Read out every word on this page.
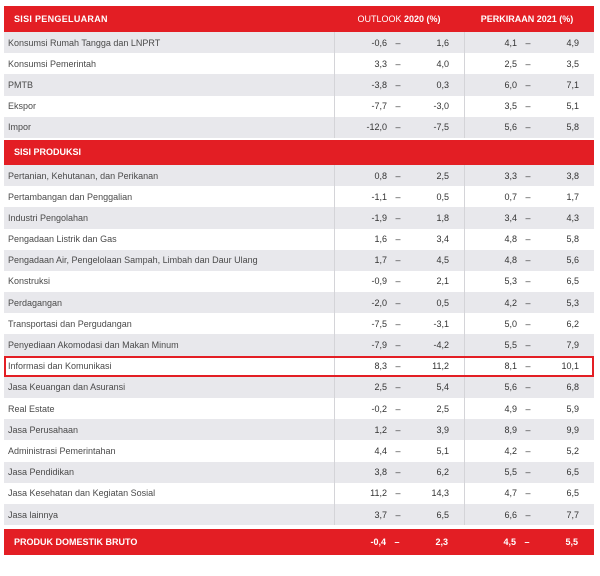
SISI PENGELUARAN	OUTLOOK 2020 (%)	PERKIRAAN 2021 (%)
Konsumsi Rumah Tangga dan LNPRT	-0,6 –	1,6	4,1 –	4,9
Konsumsi Pemerintah	3,3 –	4,0	2,5 –	3,5
PMTB	-3,8 –	0,3	6,0 –	7,1
Ekspor	-7,7 –	-3,0	3,5 –	5,1
Impor	-12,0 –	-7,5	5,6 –	5,8
SISI PRODUKSI
Pertanian, Kehutanan, dan Perikanan	0,8 –	2,5	3,3 –	3,8
Pertambangan dan Penggalian	-1,1 –	0,5	0,7 –	1,7
Industri Pengolahan	-1,9 –	1,8	3,4 –	4,3
Pengadaan Listrik dan Gas	1,6 –	3,4	4,8 –	5,8
Pengadaan Air, Pengelolaan Sampah, Limbah dan Daur Ulang	1,7 –	4,5	4,8 –	5,6
Konstruksi	-0,9 –	2,1	5,3 –	6,5
Perdagangan	-2,0 –	0,5	4,2 –	5,3
Transportasi dan Pergudangan	-7,5 –	-3,1	5,0 –	6,2
Penyediaan Akomodasi dan Makan Minum	-7,9 –	-4,2	5,5 –	7,9
Informasi dan Komunikasi	8,3 –	11,2	8,1 –	10,1
Jasa Keuangan dan Asuransi	2,5 –	5,4	5,6 –	6,8
Real Estate	-0,2 –	2,5	4,9 –	5,9
Jasa Perusahaan	1,2 –	3,9	8,9 –	9,9
Administrasi Pemerintahan	4,4 –	5,1	4,2 –	5,2
Jasa Pendidikan	3,8 –	6,2	5,5 –	6,5
Jasa Kesehatan dan Kegiatan Sosial	11,2 –	14,3	4,7 –	6,5
Jasa lainnya	3,7 –	6,5	6,6 –	7,7
PRODUK DOMESTIK BRUTO	-0,4 –	2,3	4,5 –	5,5
